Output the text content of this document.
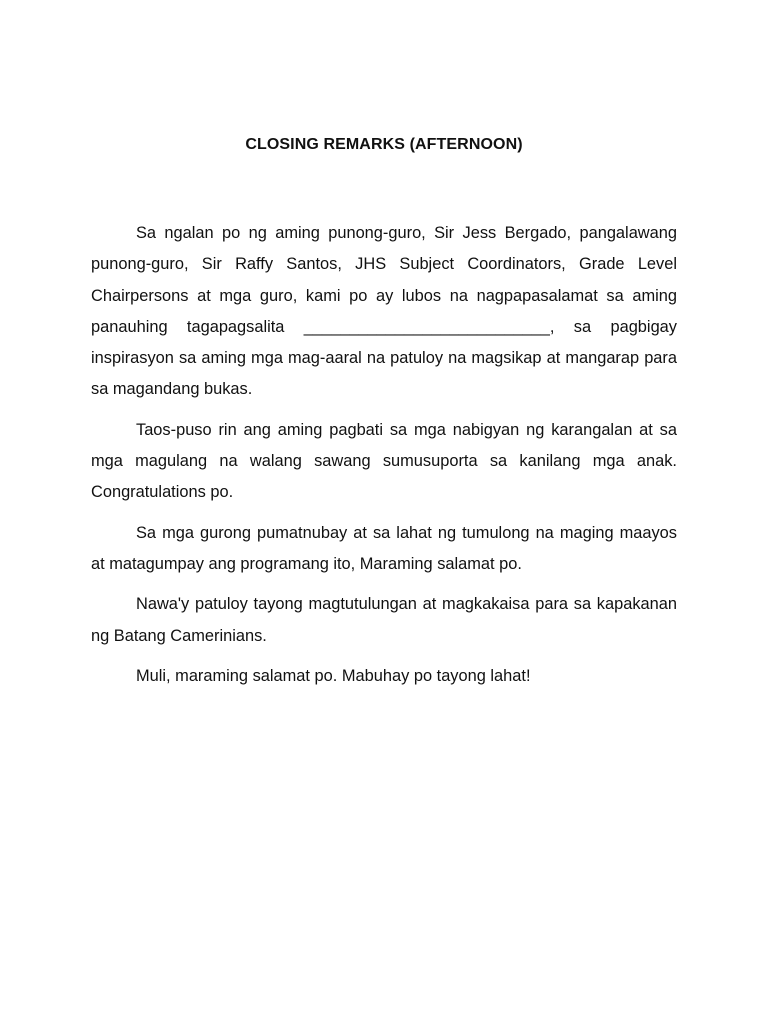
CLOSING REMARKS (AFTERNOON)

Sa ngalan po ng aming punong-guro, Sir Jess Bergado, pangalawang punong-guro, Sir Raffy Santos, JHS Subject Coordinators, Grade Level Chairpersons at mga guro, kami po ay lubos na nagpapasalamat sa aming panauhing tagapagsalita ___________________________, sa pagbigay inspirasyon sa aming mga mag-aaral na patuloy na magsikap at mangarap para sa magandang bukas.

Taos-puso rin ang aming pagbati sa mga nabigyan ng karangalan at sa mga magulang na walang sawang sumusuporta sa kanilang mga anak. Congratulations po.

Sa mga gurong pumatnubay at sa lahat ng tumulong na maging maayos at matagumpay ang programang ito, Maraming salamat po.

Nawa'y patuloy tayong magtutulungan at magkakaisa para sa kapakanan ng Batang Camerinians.

Muli, maraming salamat po. Mabuhay po tayong lahat!
